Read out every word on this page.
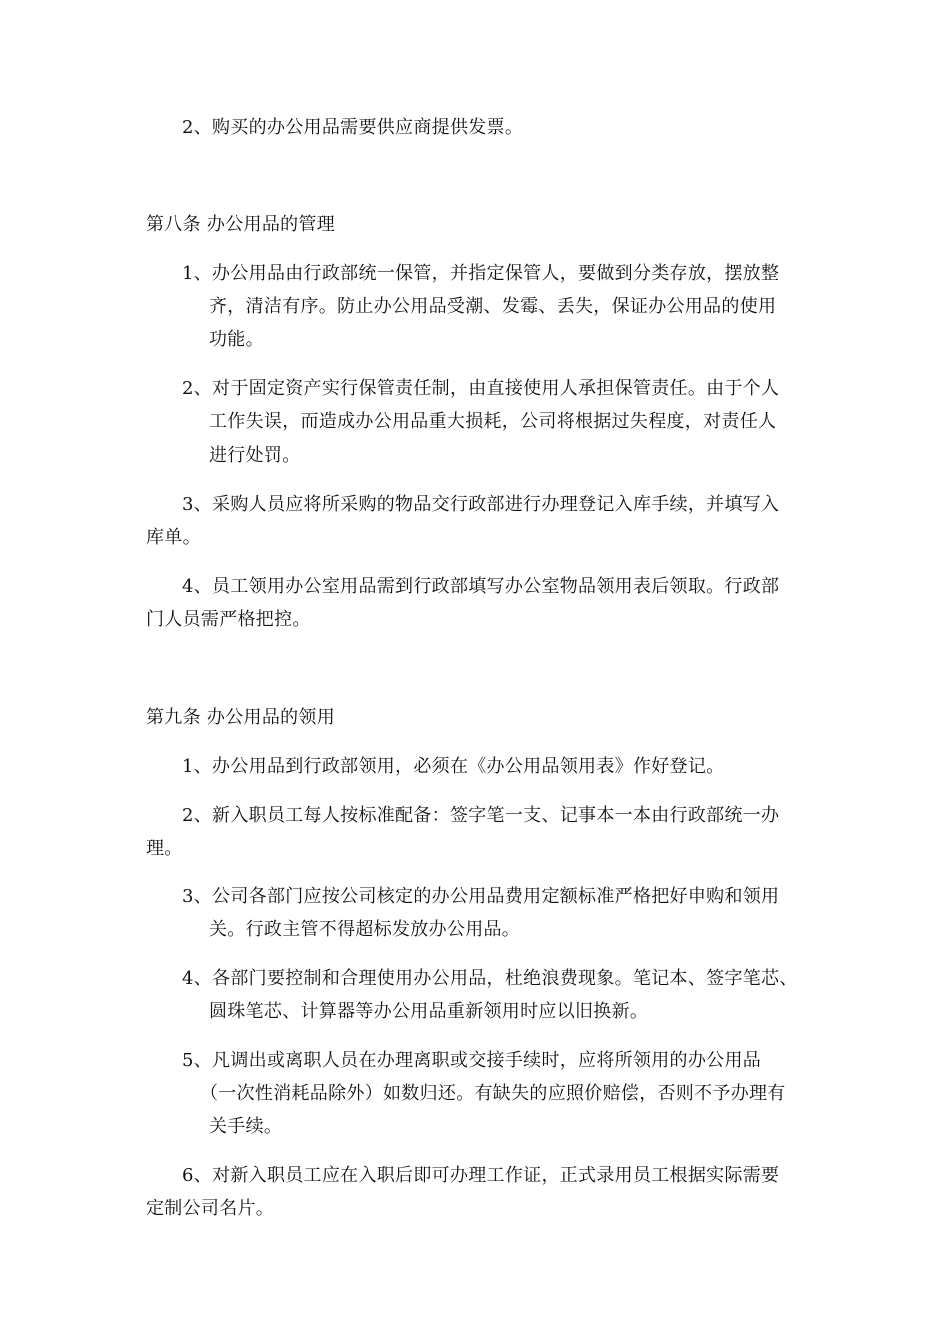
2、购买的办公用品需要供应商提供发票。
第八条 办公用品的管理
1、办公用品由行政部统一保管，并指定保管人，要做到分类存放，摆放整
齐，清洁有序。防止办公用品受潮、发霉、丢失，保证办公用品的使用
功能。
2、对于固定资产实行保管责任制，由直接使用人承担保管责任。由于个人
工作失误，而造成办公用品重大损耗，公司将根据过失程度，对责任人
进行处罚。
3、采购人员应将所采购的物品交行政部进行办理登记入库手续，并填写入
库单。
4、员工领用办公室用品需到行政部填写办公室物品领用表后领取。行政部
门人员需严格把控。
第九条 办公用品的领用
1、办公用品到行政部领用，必须在《办公用品领用表》作好登记。
2、新入职员工每人按标准配备：签字笔一支、记事本一本由行政部统一办
理。
3、公司各部门应按公司核定的办公用品费用定额标准严格把好申购和领用
关。行政主管不得超标发放办公用品。
4、各部门要控制和合理使用办公用品，杜绝浪费现象。笔记本、签字笔芯、
圆珠笔芯、计算器等办公用品重新领用时应以旧换新。
5、凡调出或离职人员在办理离职或交接手续时，应将所领用的办公用品
（一次性消耗品除外）如数归还。有缺失的应照价赔偿，否则不予办理有
关手续。
6、对新入职员工应在入职后即可办理工作证，正式录用员工根据实际需要
定制公司名片。
